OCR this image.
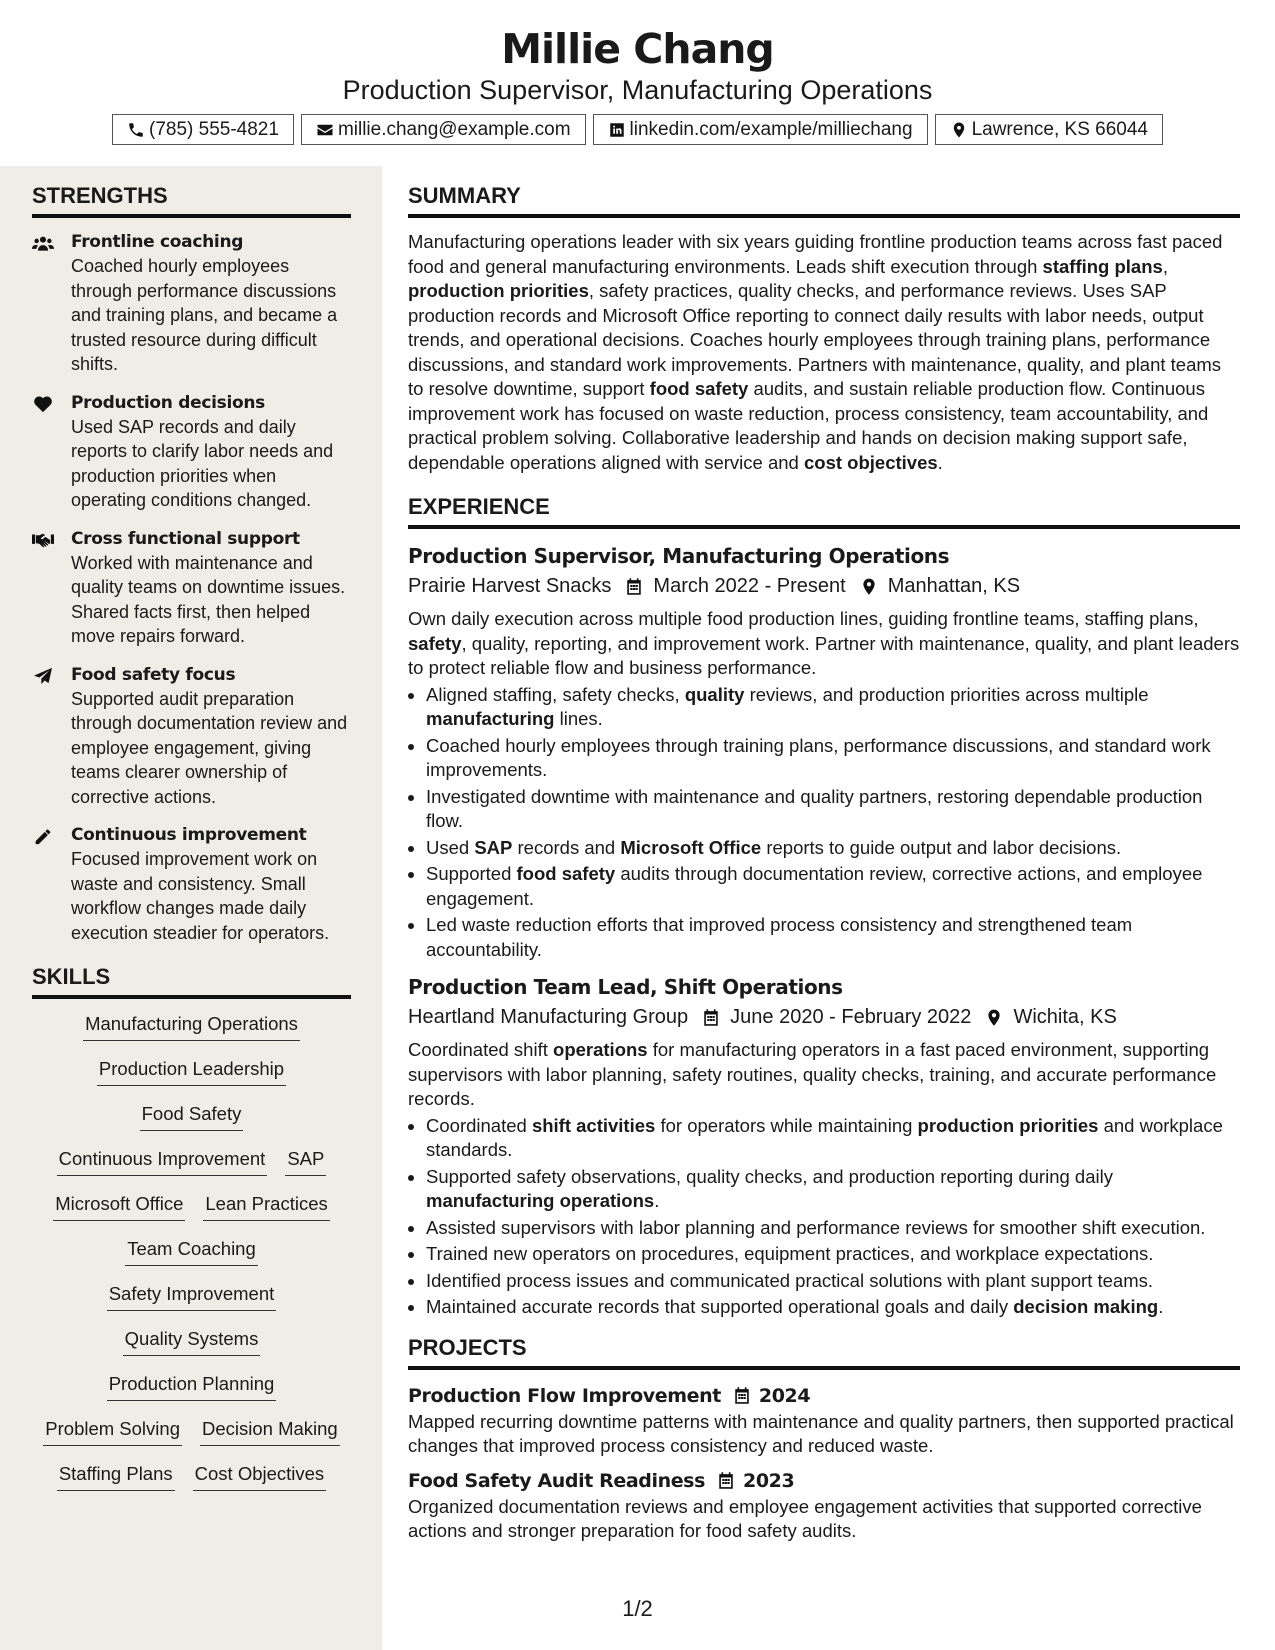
Millie Chang
Production Supervisor, Manufacturing Operations
(785) 555-4821	millie.chang@example.com	linkedin.com/example/milliechang	Lawrence, KS 66044
STRENGTHS
Frontline coaching
Coached hourly employees through performance discussions and training plans, and became a trusted resource during difficult shifts.
Production decisions
Used SAP records and daily reports to clarify labor needs and production priorities when operating conditions changed.
Cross functional support
Worked with maintenance and quality teams on downtime issues. Shared facts first, then helped move repairs forward.
Food safety focus
Supported audit preparation through documentation review and employee engagement, giving teams clearer ownership of corrective actions.
Continuous improvement
Focused improvement work on waste and consistency. Small workflow changes made daily execution steadier for operators.
SKILLS
Manufacturing Operations
Production Leadership
Food Safety
Continuous Improvement SAP
Microsoft Office Lean Practices
Team Coaching
Safety Improvement
Quality Systems
Production Planning
Problem Solving Decision Making
Staffing Plans Cost Objectives
SUMMARY

Manufacturing operations leader with six years guiding frontline production teams across fast paced food and general manufacturing environments. Leads shift execution through staffing plans, production priorities, safety practices, quality checks, and performance reviews. Uses SAP production records and Microsoft Office reporting to connect daily results with labor needs, output trends, and operational decisions. Coaches hourly employees through training plans, performance discussions, and standard work improvements. Partners with maintenance, quality, and plant teams to resolve downtime, support food safety audits, and sustain reliable production flow. Continuous improvement work has focused on waste reduction, process consistency, team accountability, and practical problem solving. Collaborative leadership and hands on decision making support safe, dependable operations aligned with service and cost objectives.

EXPERIENCE
Production Supervisor, Manufacturing Operations
Prairie Harvest Snacks March 2022 - Present Manhattan, KS

Own daily execution across multiple food production lines, guiding frontline teams, staffing plans, safety, quality, reporting, and improvement work. Partner with maintenance, quality, and plant leaders to protect reliable flow and business performance.

• Aligned staffing, safety checks, quality reviews, and production priorities across multiple manufacturing lines.
• Coached hourly employees through training plans, performance discussions, and standard work improvements.
• Investigated downtime with maintenance and quality partners, restoring dependable production flow.
• Used SAP records and Microsoft Office reports to guide output and labor decisions.
• Supported food safety audits through documentation review, corrective actions, and employee engagement.
• Led waste reduction efforts that improved process consistency and strengthened team accountability.
Production Team Lead, Shift Operations
Heartland Manufacturing Group June 2020 - February 2022 Wichita, KS

Coordinated shift operations for manufacturing operators in a fast paced environment, supporting supervisors with labor planning, safety routines, quality checks, training, and accurate performance records.

• Coordinated shift activities for operators while maintaining production priorities and workplace standards.
• Supported safety observations, quality checks, and production reporting during daily manufacturing operations.
• Assisted supervisors with labor planning and performance reviews for smoother shift execution.
• Trained new operators on procedures, equipment practices, and workplace expectations.
• Identified process issues and communicated practical solutions with plant support teams.
• Maintained accurate records that supported operational goals and daily decision making.
PROJECTS
Production Flow Improvement 2024

Mapped recurring downtime patterns with maintenance and quality partners, then supported practical changes that improved process consistency and reduced waste.

Food Safety Audit Readiness 2023

Organized documentation reviews and employee engagement activities that supported corrective actions and stronger preparation for food safety audits.

1/2
